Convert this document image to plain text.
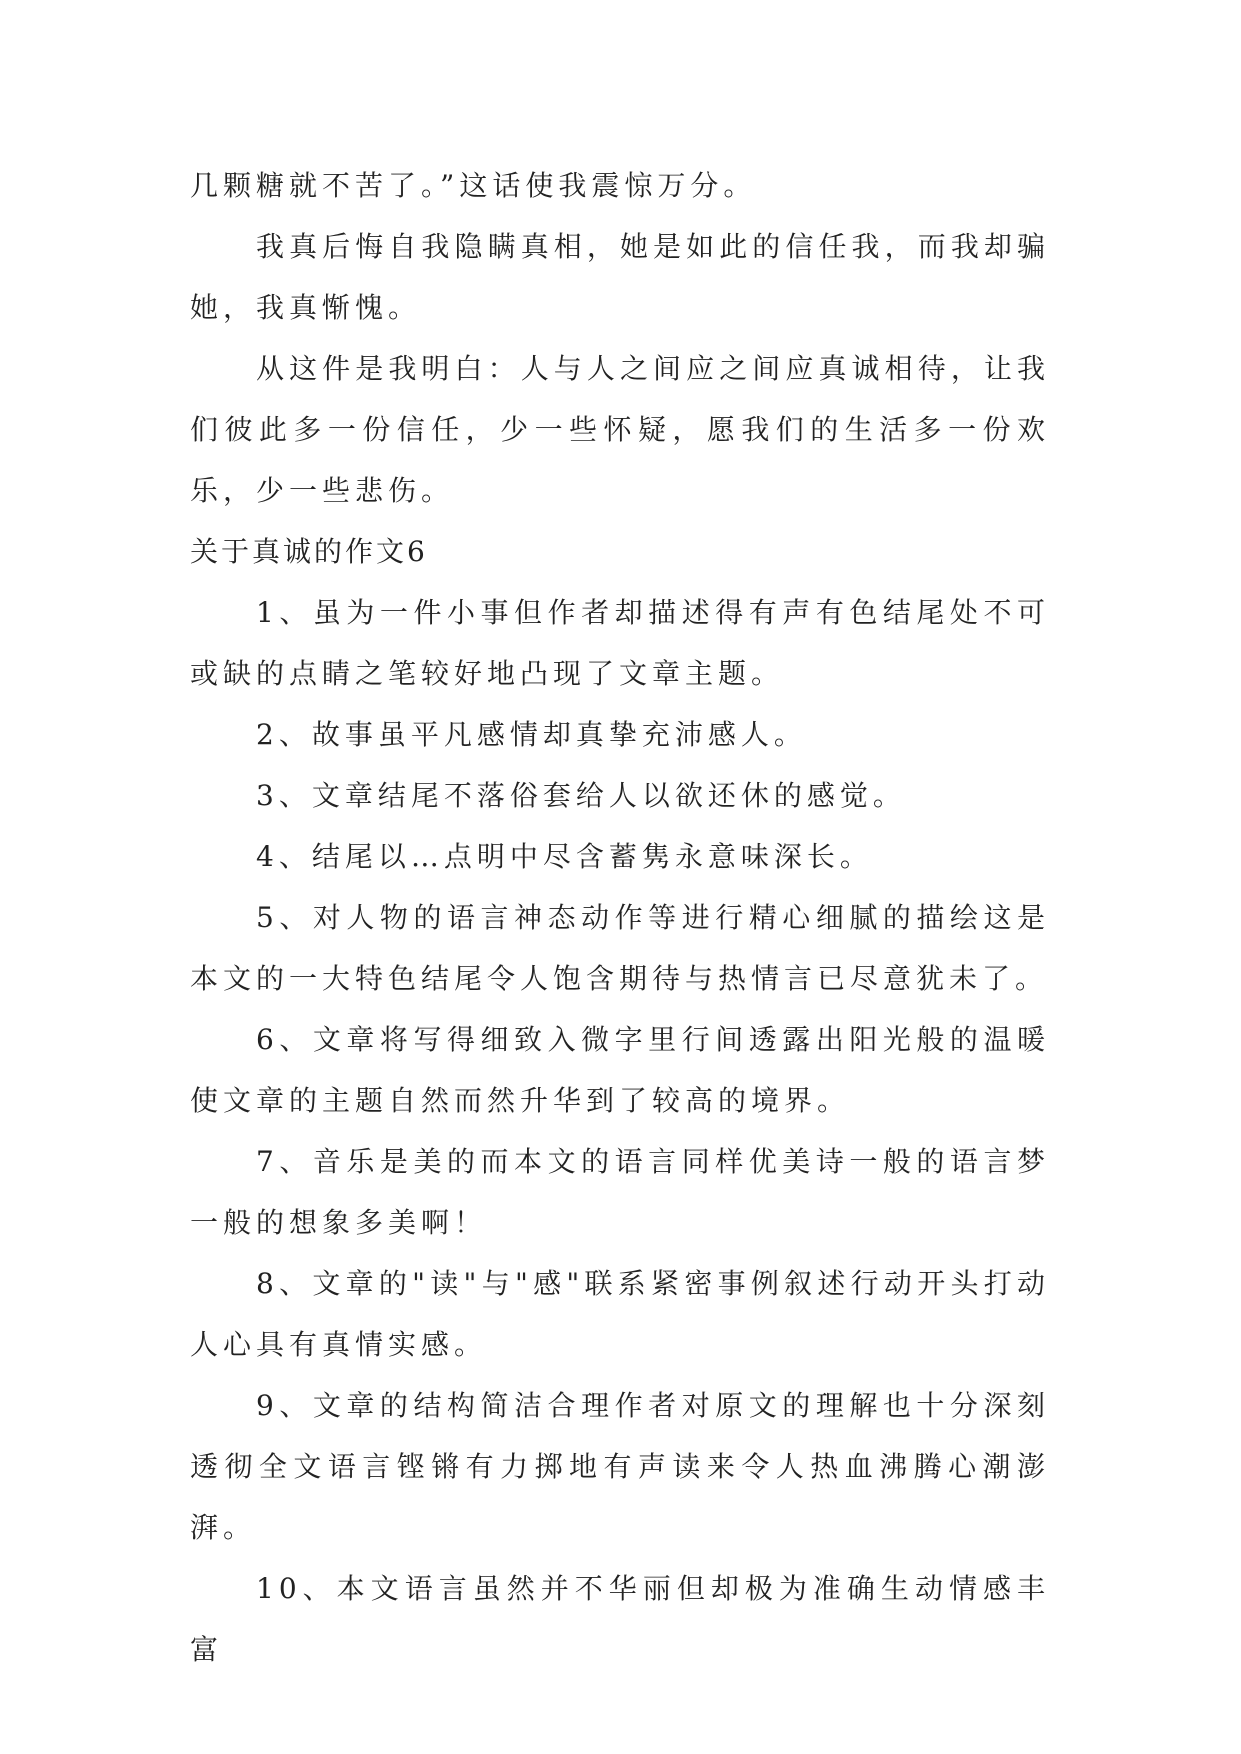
几颗糖就不苦了。”这话使我震惊万分。

我真后悔自我隐瞒真相，她是如此的信任我，而我却骗她，我真惭愧。

从这件是我明白：人与人之间应之间应真诚相待，让我们彼此多一份信任，少一些怀疑，愿我们的生活多一份欢乐，少一些悲伤。

关于真诚的作文6

1、虽为一件小事但作者却描述得有声有色结尾处不可或缺的点睛之笔较好地凸现了文章主题。

2、故事虽平凡感情却真挚充沛感人。

3、文章结尾不落俗套给人以欲还休的感觉。

4、结尾以…点明中尽含蓄隽永意味深长。

5、对人物的语言神态动作等进行精心细腻的描绘这是本文的一大特色结尾令人饱含期待与热情言已尽意犹未了。

6、文章将写得细致入微字里行间透露出阳光般的温暖使文章的主题自然而然升华到了较高的境界。

7、音乐是美的而本文的语言同样优美诗一般的语言梦一般的想象多美啊！

8、文章的"读"与"感"联系紧密事例叙述行动开头打动人心具有真情实感。

9、文章的结构简洁合理作者对原文的理解也十分深刻透彻全文语言铿锵有力掷地有声读来令人热血沸腾心潮澎湃。

10、本文语言虽然并不华丽但却极为准确生动情感丰富
